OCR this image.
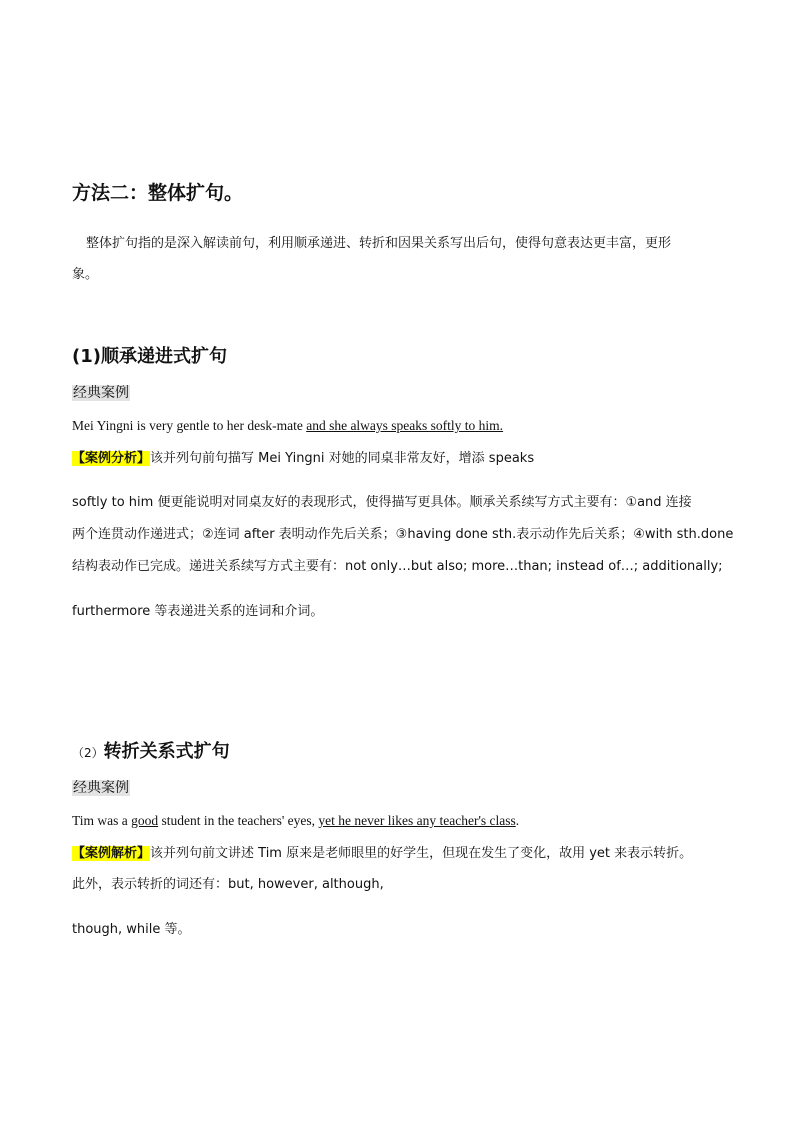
方法二：整体扩句。
整体扩句指的是深入解读前句，利用顺承递进、转折和因果关系写出后句，使得句意表达更丰富，更形
象。
(1)顺承递进式扩句
经典案例
Mei Yingni is very gentle to her desk-mate and she always speaks softly to him.
【案例分析】该并列句前句描写 Mei Yingni 对她的同桌非常友好，增添 speaks
softly to him 便更能说明对同桌友好的表现形式，使得描写更具体。顺承关系续写方式主要有：①and 连接
两个连贯动作递进式；②连词 after 表明动作先后关系；③having done sth.表示动作先后关系；④with sth.done
结构表动作已完成。递进关系续写方式主要有：not only…but also; more…than; instead of…; additionally;
furthermore 等表递进关系的连词和介词。
（2）转折关系式扩句
经典案例
Tim was a good student in the teachers' eyes, yet he never likes any teacher's class.
【案例解析】该并列句前文讲述 Tim 原来是老师眼里的好学生，但现在发生了变化，故用 yet 来表示转折。
此外，表示转折的词还有：but, however, although,
though, while 等。
